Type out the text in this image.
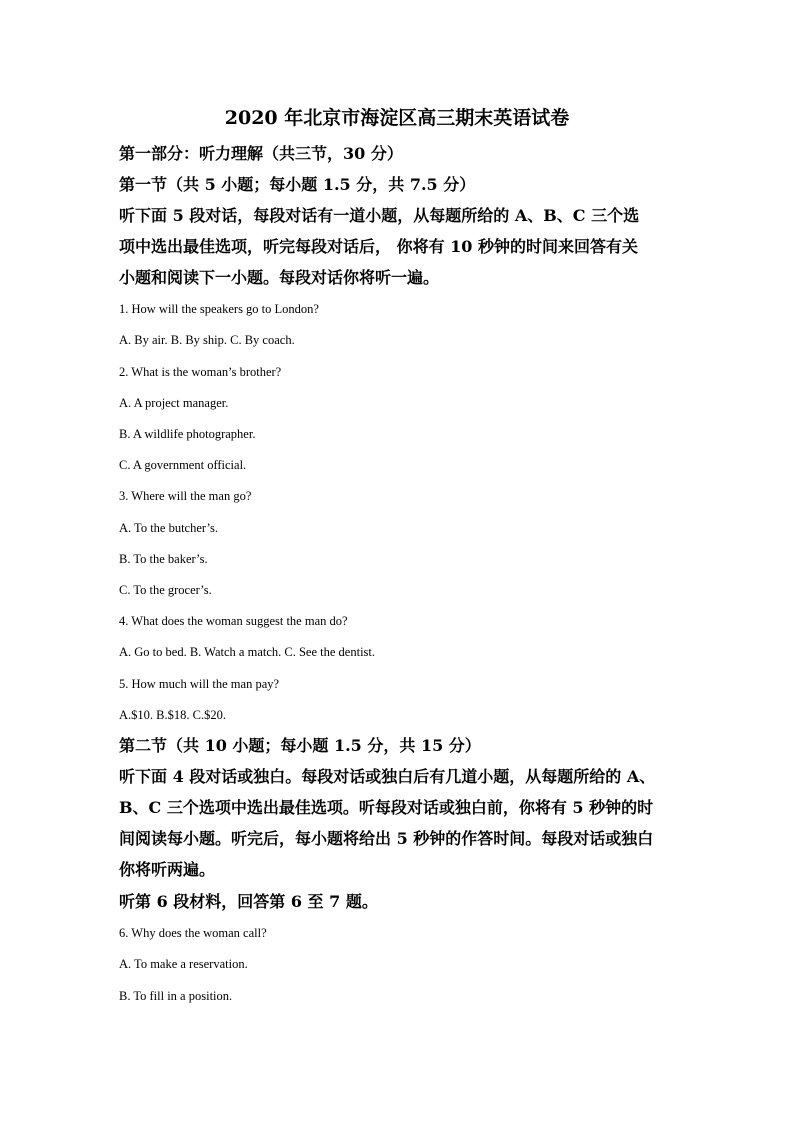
2020 年北京市海淀区高三期末英语试卷
第一部分：听力理解（共三节，30 分）
第一节（共 5 小题；每小题 1.5 分，共 7.5 分）
听下面 5 段对话，每段对话有一道小题，从每题所给的 A、B、C 三个选
项中选出最佳选项，听完每段对话后， 你将有 10 秒钟的时间来回答有关
小题和阅读下一小题。每段对话你将听一遍。
1. How will the speakers go to London?
A. By air. B. By ship. C. By coach.
2. What is the woman’s brother?
A. A project manager.
B. A wildlife photographer.
C. A government official.
3. Where will the man go?
A. To the butcher’s.
B. To the baker’s.
C. To the grocer’s.
4. What does the woman suggest the man do?
A. Go to bed. B. Watch a match. C. See the dentist.
5. How much will the man pay?
A.$10. B.$18. C.$20.
第二节（共 10 小题；每小题 1.5 分，共 15 分）
听下面 4 段对话或独白。每段对话或独白后有几道小题，从每题所给的 A、
B、C 三个选项中选出最佳选项。听每段对话或独白前，你将有 5 秒钟的时
间阅读每小题。听完后，每小题将给出 5 秒钟的作答时间。每段对话或独白
你将听两遍。
听第 6 段材料，回答第 6 至 7 题。
6. Why does the woman call?
A. To make a reservation.
B. To fill in a position.
